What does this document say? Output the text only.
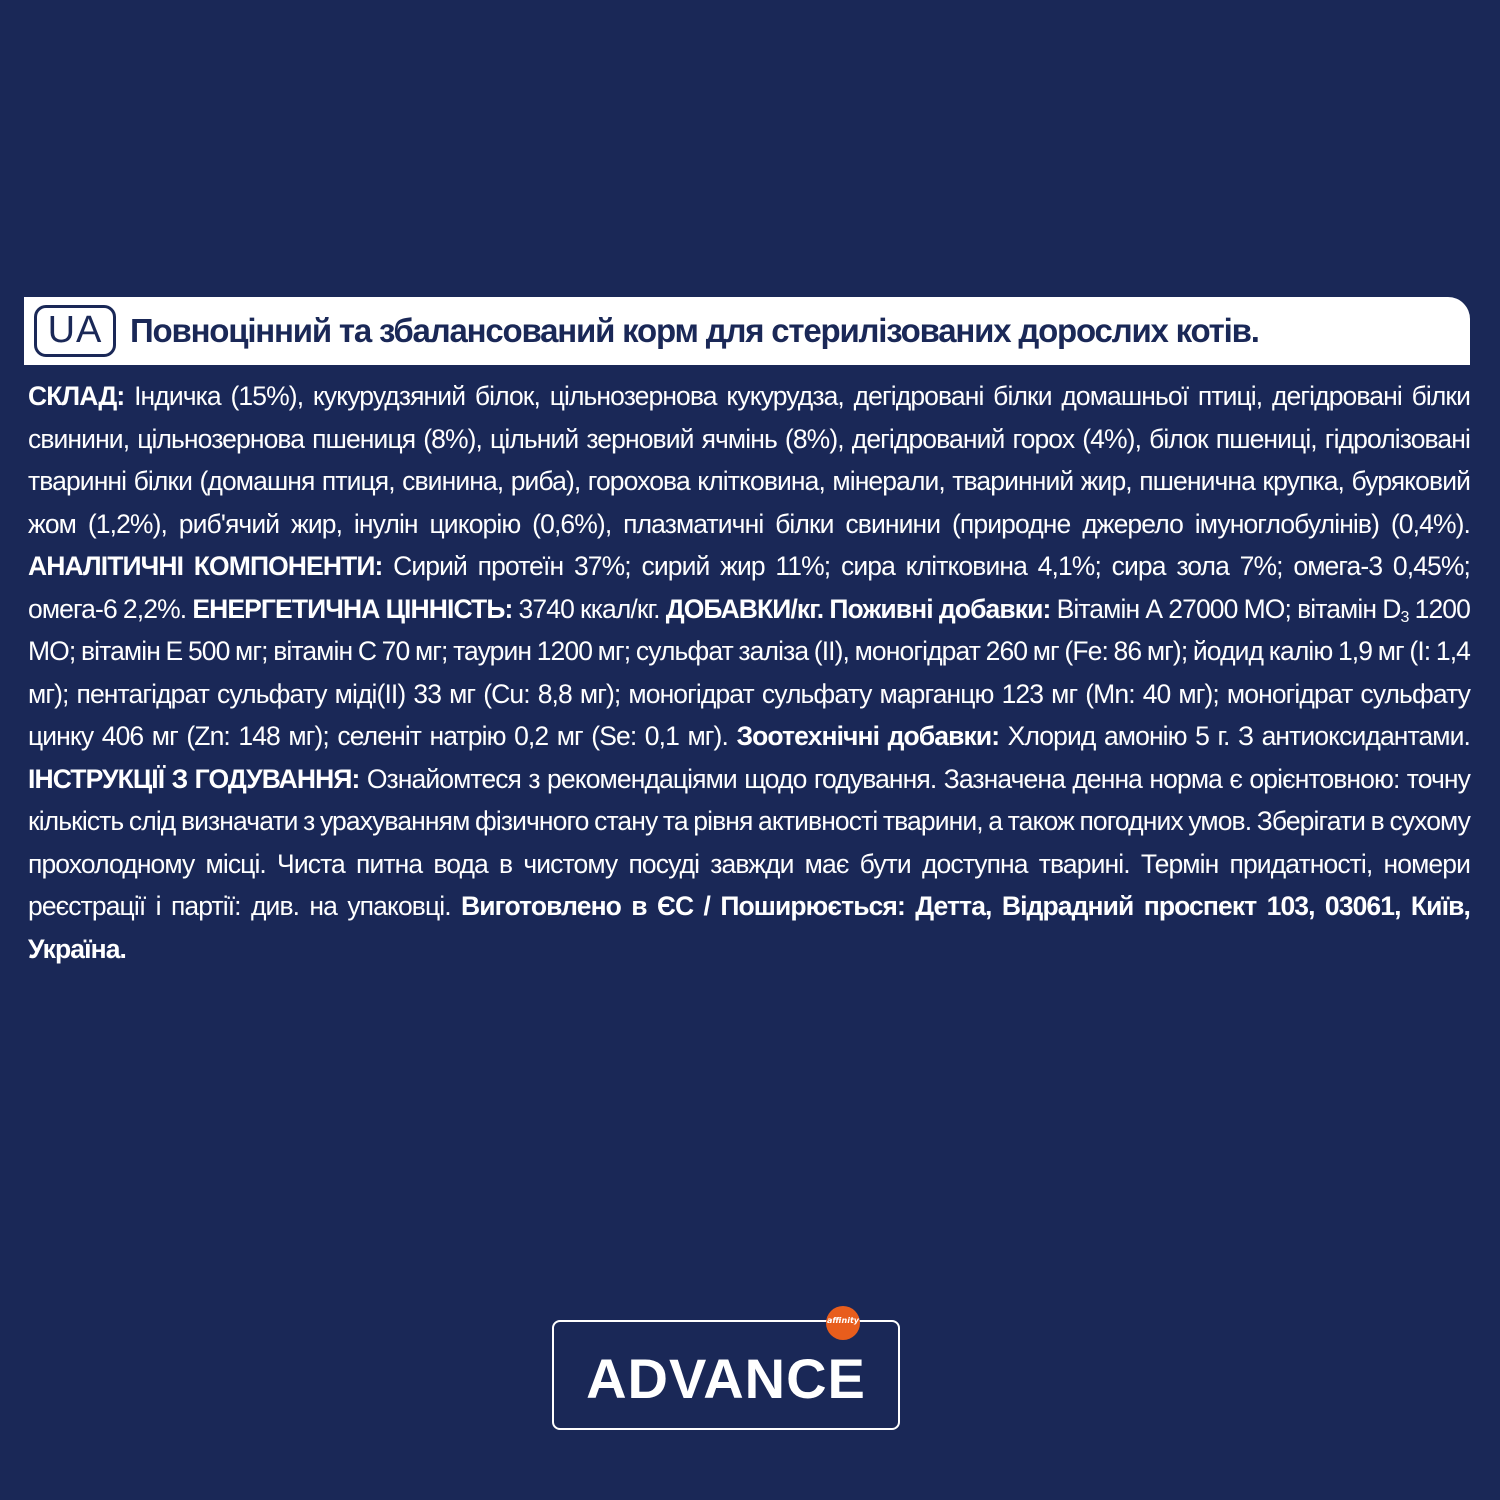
UA Повноцінний та збалансований корм для стерилізованих дорослих котів.
СКЛАД: Індичка (15%), кукурудзяний білок, цільнозернова кукурудза, дегідровані білки домашньої птиці, дегідровані білки свинини, цільнозернова пшениця (8%), цільний зерновий ячмінь (8%), дегідрований горох (4%), білок пшениці, гідролізовані тваринні білки (домашня птиця, свинина, риба), горохова клітковина, мінерали, тваринний жир, пшенична крупка, буряковий жом (1,2%), риб'ячий жир, інулін цикорію (0,6%), плазматичні білки свинини (природне джерело імуноглобулінів) (0,4%). АНАЛІТИЧНІ КОМПОНЕНТИ: Сирий протеїн 37%; сирий жир 11%; сира клітковина 4,1%; сира зола 7%; омега-3 0,45%; омега-6 2,2%. ЕНЕРГЕТИЧНА ЦІННІСТЬ: 3740 ккал/кг. ДОБАВКИ/кг. Поживні добавки: Вітамін А 27000 МО; вітамін $D_3$ 1200 МО; вітамін Е 500 мг; вітамін С 70 мг; таурин 1200 мг; сульфат заліза (II), моногідрат 260 мг (Fe: 86 мг); йодид калію 1,9 мг (I: 1,4 мг); пентагідрат сульфату міді(II) 33 мг (Cu: 8,8 мг); моногідрат сульфату марганцю 123 мг (Mn: 40 мг); моногідрат сульфату цинку 406 мг (Zn: 148 мг); селеніт натрію 0,2 мг (Se: 0,1 мг). Зоотехнічні добавки: Хлорид амонію 5 г. З антиоксидантами. ІНСТРУКЦІЇ З ГОДУВАННЯ: Ознайомтеся з рекомендаціями щодо годування. Зазначена денна норма є орієнтовною: точну кількість слід визначати з урахуванням фізичного стану та рівня активності тварини, а також погодних умов. Зберігати в сухому прохолодному місці. Чиста питна вода в чистому посуді завжди має бути доступна тварині. Термін придатності, номери реєстрації і партії: див. на упаковці. Виготовлено в ЄС / Поширюється: Детта, Відрадний проспект 103, 03061, Київ, Україна.
ADVANCE
affinity
